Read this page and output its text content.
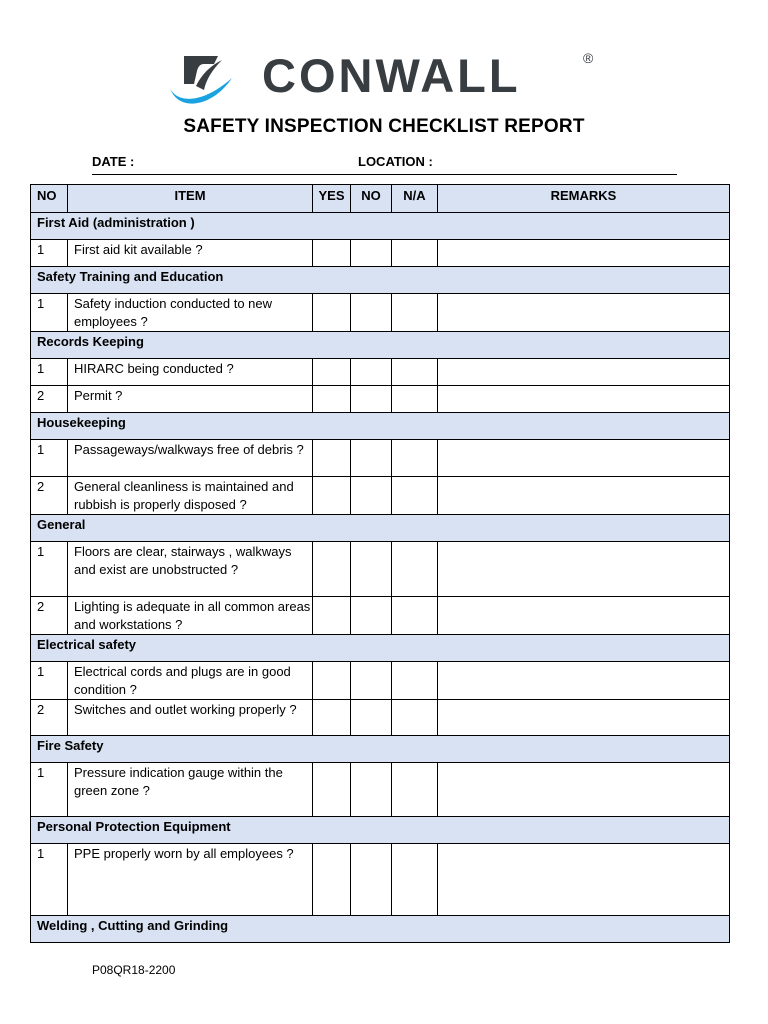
CONWALL	®
SAFETY INSPECTION CHECKLIST REPORT
DATE :	LOCATION :
NO	ITEM	YES	NO	N/A	REMARKS
First Aid (administration )					
1	First aid kit available ?				
Safety Training and Education					
1	Safety induction conducted to new employees ?				
Records Keeping					
1	HIRARC being conducted ?				
2	Permit ?				
Housekeeping					
1	Passageways/walkways free of debris ?				
2	General cleanliness is maintained and rubbish is properly disposed ?				
General					
1	Floors are clear, stairways , walkways and exist are unobstructed ?				
2	Lighting is adequate in all common areas and workstations ?				
Electrical safety					
1	Electrical cords and plugs are in good condition ?				
2	Switches and outlet working properly ?				
Fire Safety					
1	Pressure indication gauge within the green zone ?				
Personal Protection Equipment					
1	PPE properly worn by all employees ?				
Welding , Cutting and Grinding					
P08QR18-2200
